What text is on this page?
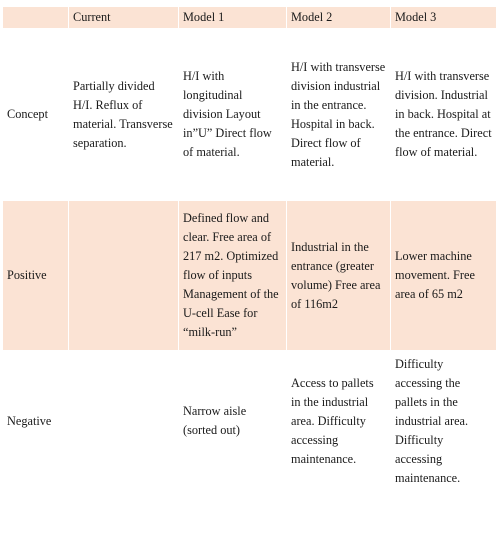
	Current	Model 1	Model 2	Model 3
Concept	Partially divided H/I. Reflux of material. Transverse separation.	H/I with longitudinal division Layout in”U” Direct flow of material.	H/I with transverse division industrial in the entrance. Hospital in back. Direct flow of material.	H/I with transverse division. Industrial in back. Hospital at the entrance. Direct flow of material.
Positive		Defined flow and clear. Free area of 217 m2. Optimized flow of inputs Management of the U-cell Ease for “milk-run”	Industrial in the entrance (greater volume) Free area of 116m2	Lower machine movement. Free area of 65 m2
Negative		Narrow aisle (sorted out)	Access to pallets in the industrial area. Difficulty accessing maintenance.	Difficulty accessing the pallets in the industrial area. Difficulty accessing maintenance.
